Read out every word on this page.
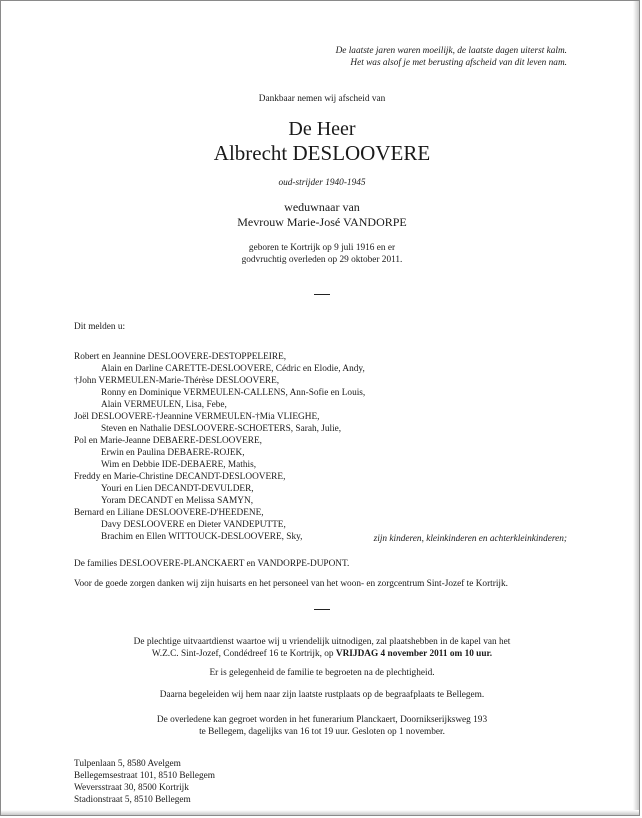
De laatste jaren waren moeilijk, de laatste dagen uiterst kalm.
Het was alsof je met berusting afscheid van dit leven nam.
Dankbaar nemen wij afscheid van
De Heer
Albrecht DESLOOVERE
oud-strijder 1940-1945
weduwnaar van
Mevrouw Marie-José VANDORPE
geboren te Kortrijk op 9 juli 1916 en er
godvruchtig overleden op 29 oktober 2011.
Dit melden u:
Robert en Jeannine DESLOOVERE-DESTOPPELEIRE,
Alain en Darline CARETTE-DESLOOVERE, Cédric en Elodie, Andy,
†John VERMEULEN-Marie-Thérèse DESLOOVERE,
Ronny en Dominique VERMEULEN-CALLENS, Ann-Sofie en Louis,
Alain VERMEULEN, Lisa, Febe,
Joël DESLOOVERE-†Jeannine VERMEULEN-†Mia VLIEGHE,
Steven en Nathalie DESLOOVERE-SCHOETERS, Sarah, Julie,
Pol en Marie-Jeanne DEBAERE-DESLOOVERE,
Erwin en Paulina DEBAERE-ROJEK,
Wim en Debbie IDE-DEBAERE, Mathis,
Freddy en Marie-Christine DECANDT-DESLOOVERE,
Youri en Lien DECANDT-DEVULDER,
Yoram DECANDT en Melissa SAMYN,
Bernard en Liliane DESLOOVERE-D'HEEDENE,
Davy DESLOOVERE en Dieter VANDEPUTTE,
Brachim en Ellen WITTOUCK-DESLOOVERE, Sky,	zijn kinderen, kleinkinderen en achterkleinkinderen;
De families DESLOOVERE-PLANCKAERT en VANDORPE-DUPONT.
Voor de goede zorgen danken wij zijn huisarts en het personeel van het woon- en zorgcentrum Sint-Jozef te Kortrijk.
De plechtige uitvaartdienst waartoe wij u vriendelijk uitnodigen, zal plaatshebben in de kapel van het
W.Z.C. Sint-Jozef, Condédreef 16 te Kortrijk, op VRIJDAG 4 november 2011 om 10 uur.
Er is gelegenheid de familie te begroeten na de plechtigheid.
Daarna begeleiden wij hem naar zijn laatste rustplaats op de begraafplaats te Bellegem.
De overledene kan gegroet worden in het funerarium Planckaert, Doornikserijksweg 193
te Bellegem, dagelijks van 16 tot 19 uur. Gesloten op 1 november.
Tulpenlaan 5, 8580 Avelgem
Bellegemsestraat 101, 8510 Bellegem
Weversstraat 30, 8500 Kortrijk
Stadionstraat 5, 8510 Bellegem
